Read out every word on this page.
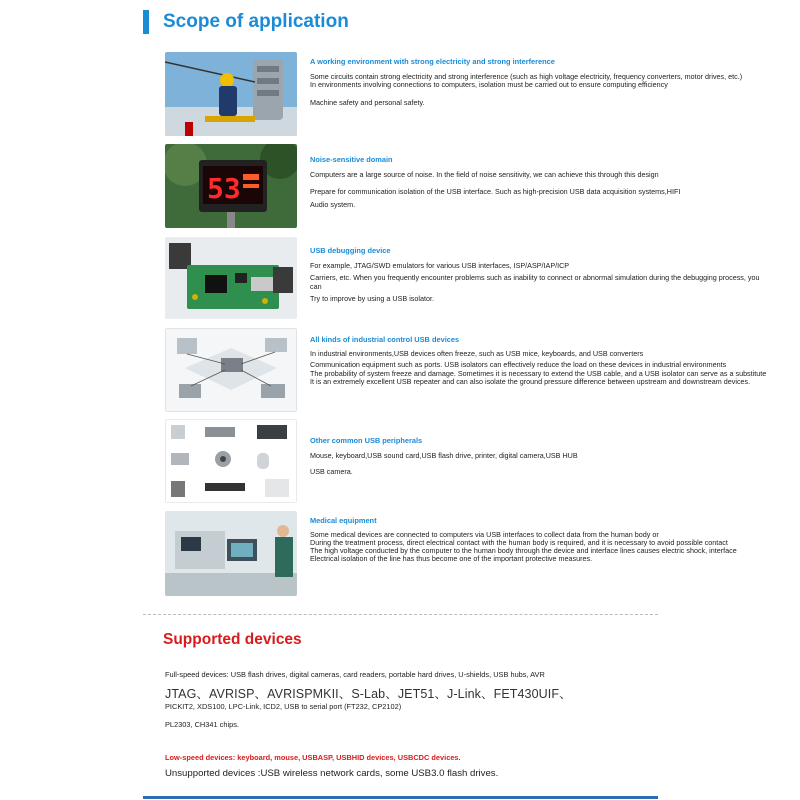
Scope of application
A working environment with strong electricity and strong interference

Some circuits contain strong electricity and strong interference (such as high voltage electricity, frequency converters, motor drives, etc.)

In environments involving connections to computers, isolation must be carried out to ensure computing efficiency

Machine safety and personal safety.

53
Noise-sensitive domain

Computers are a large source of noise. In the field of noise sensitivity, we can achieve this through this design

Prepare for communication isolation of the USB interface. Such as high-precision USB data acquisition systems,HIFI

Audio system.

USB debugging device

For example, JTAG/SWD emulators for various USB interfaces, ISP/ASP/IAP/ICP

Carriers, etc. When you frequently encounter problems such as inability to connect or abnormal simulation during the debugging process, you can

Try to improve by using a USB isolator.

All kinds of industrial control USB devices

In industrial environments,USB devices often freeze, such as USB mice, keyboards, and USB converters

Communication equipment such as ports. USB isolators can effectively reduce the load on these devices in industrial environments

The probability of system freeze and damage. Sometimes it is necessary to extend the USB cable, and a USB isolator can serve as a substitute

It is an extremely excellent USB repeater and can also isolate the ground pressure difference between upstream and downstream devices.

Other common USB peripherals

Mouse, keyboard,USB sound card,USB flash drive, printer, digital camera,USB HUB

USB camera.

Medical equipment

Some medical devices are connected to computers via USB interfaces to collect data from the human body or

During the treatment process, direct electrical contact with the human body is required, and it is necessary to avoid possible contact

The high voltage conducted by the computer to the human body through the device and interface lines causes electric shock, interface

Electrical isolation of the line has thus become one of the important protective measures.

Supported devices
Full-speed devices: USB flash drives, digital cameras, card readers, portable hard drives, U-shields, USB hubs, AVR
JTAG、AVRISP、AVRISPMKII、S-Lab、JET51、J-Link、FET430UIF、
PICKIT2, XDS100, LPC-Link, ICD2, USB to serial port (FT232, CP2102)
PL2303, CH341 chips.
Low-speed devices: keyboard, mouse, USBASP, USBHID devices, USBCDC devices.
Unsupported devices :USB wireless network cards, some USB3.0 flash drives.
